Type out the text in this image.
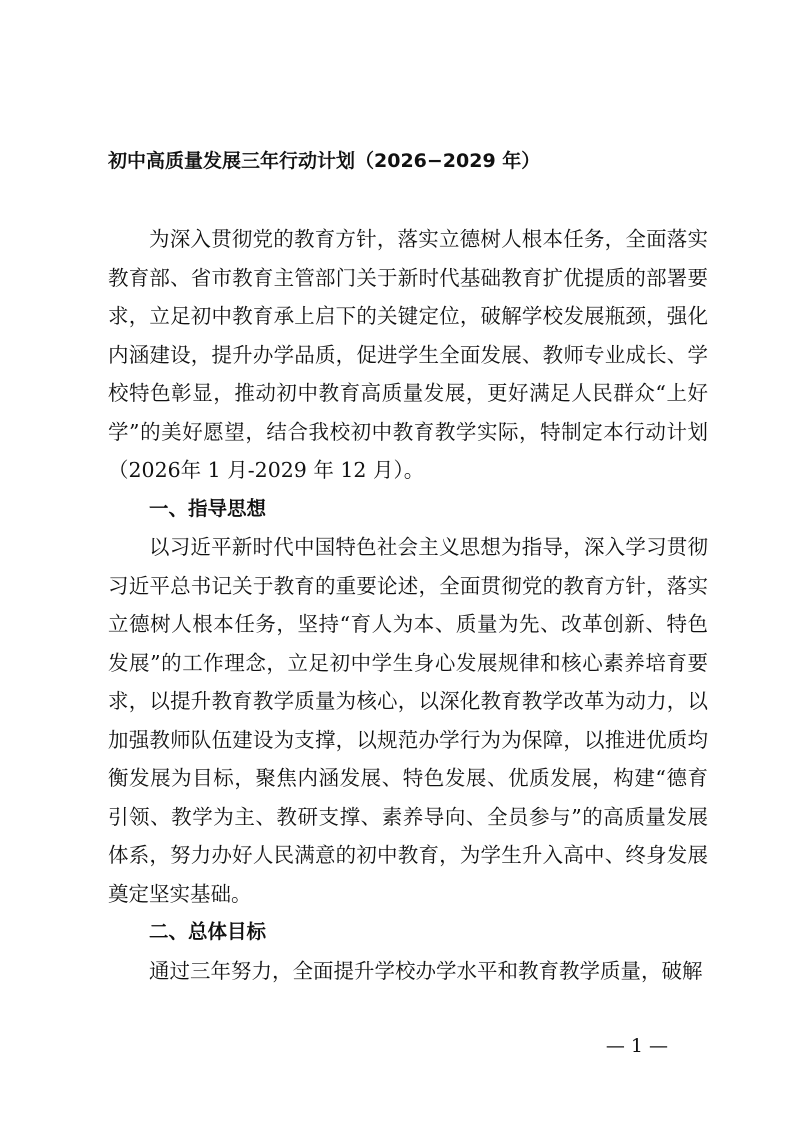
初中高质量发展三年行动计划（2026−2029 年）

为深入贯彻党的教育方针，落实立德树人根本任务，全面落实教育部、省市教育主管部门关于新时代基础教育扩优提质的部署要求，立足初中教育承上启下的关键定位，破解学校发展瓶颈，强化内涵建设，提升办学品质，促进学生全面发展、教师专业成长、学校特色彰显，推动初中教育高质量发展，更好满足人民群众“上好学”的美好愿望，结合我校初中教育教学实际，特制定本行动计划（2026年 1 月-2029 年 12 月）。

一、指导思想

以习近平新时代中国特色社会主义思想为指导，深入学习贯彻习近平总书记关于教育的重要论述，全面贯彻党的教育方针，落实立德树人根本任务，坚持“育人为本、质量为先、改革创新、特色发展”的工作理念，立足初中学生身心发展规律和核心素养培育要求，以提升教育教学质量为核心，以深化教育教学改革为动力，以加强教师队伍建设为支撑，以规范办学行为为保障，以推进优质均衡发展为目标，聚焦内涵发展、特色发展、优质发展，构建“德育引领、教学为主、教研支撑、素养导向、全员参与”的高质量发展体系，努力办好人民满意的初中教育，为学生升入高中、终身发展奠定坚实基础。

二、总体目标

通过三年努力，全面提升学校办学水平和教育教学质量，破解

— 1 —
